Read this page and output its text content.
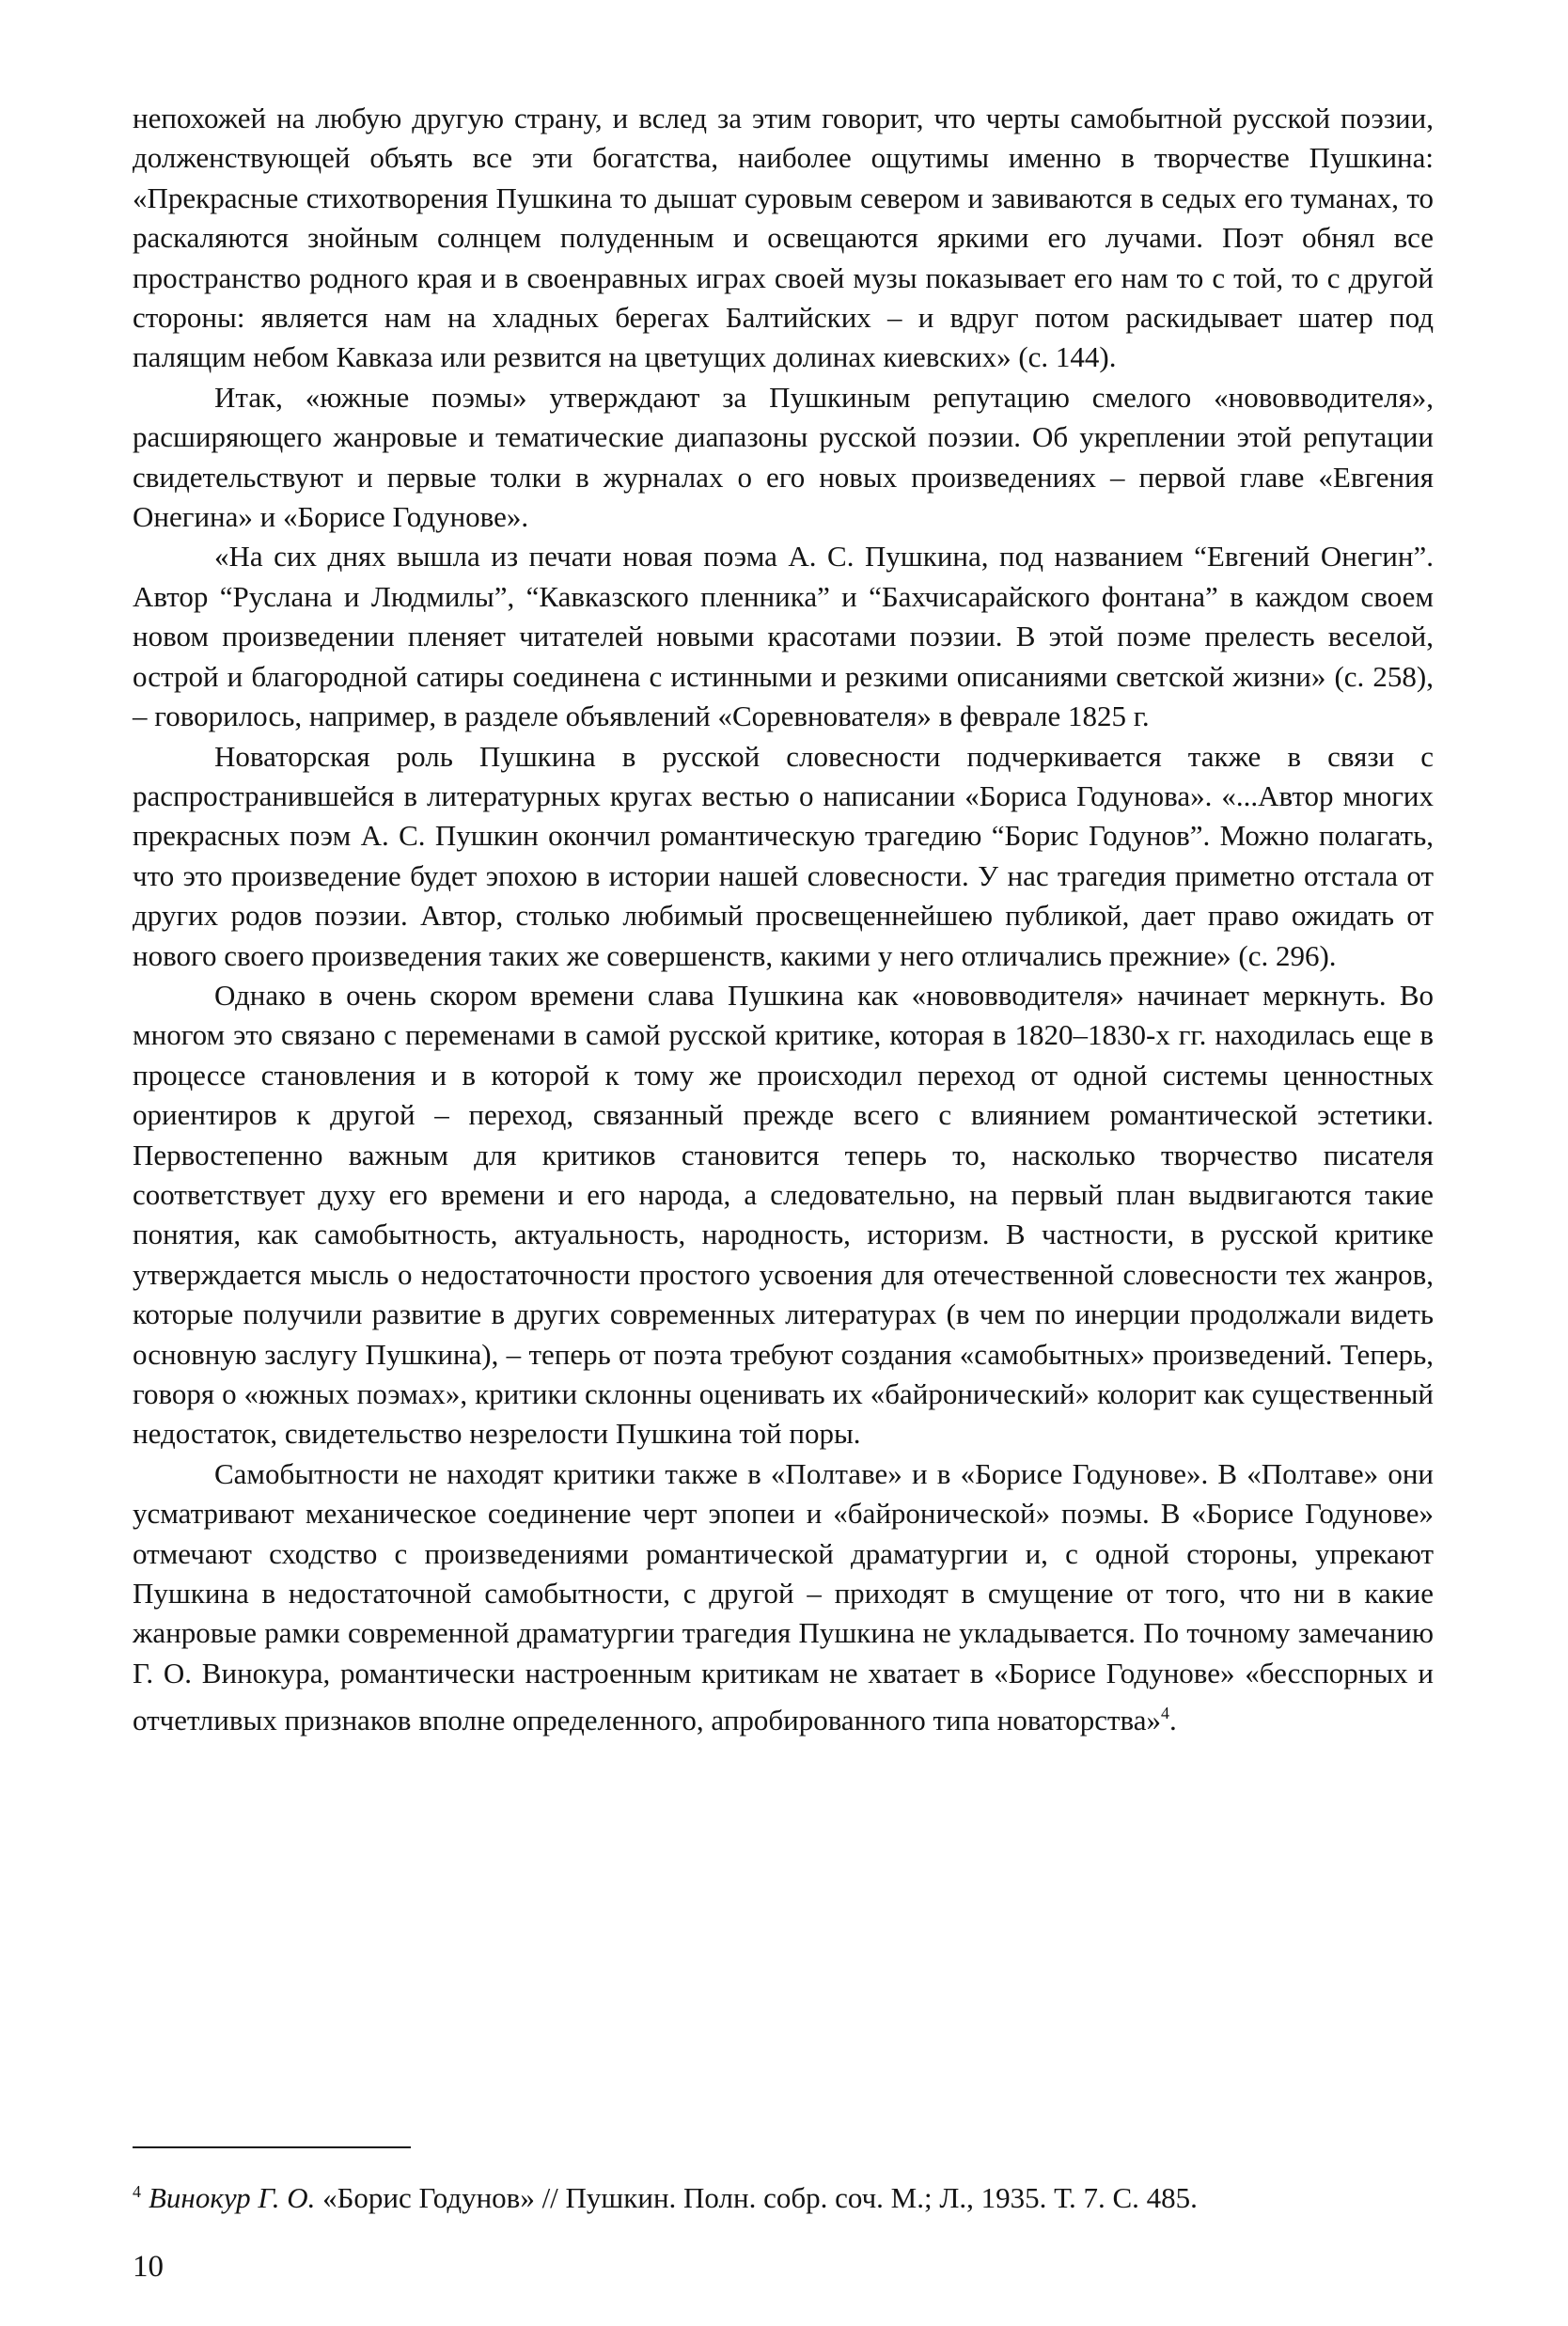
непохожей на любую другую страну, и вслед за этим говорит, что черты самобытной русской поэзии, долженствующей объять все эти богатства, наиболее ощутимы именно в творчестве Пушкина: «Прекрасные стихотворения Пушкина то дышат суровым севером и завиваются в седых его туманах, то раскаляются знойным солнцем полуденным и освещаются яркими его лучами. Поэт обнял все пространство родного края и в своенравных играх своей музы показывает его нам то с той, то с другой стороны: является нам на хладных берегах Балтийских – и вдруг потом раскидывает шатер под палящим небом Кавказа или резвится на цветущих долинах киевских» (с. 144).

Итак, «южные поэмы» утверждают за Пушкиным репутацию смелого «нововводителя», расширяющего жанровые и тематические диапазоны русской поэзии. Об укреплении этой репутации свидетельствуют и первые толки в журналах о его новых произведениях – первой главе «Евгения Онегина» и «Борисе Годунове».

«На сих днях вышла из печати новая поэма А. С. Пушкина, под названием “Евгений Онегин”. Автор “Руслана и Людмилы”, “Кавказского пленника” и “Бахчисарайского фонтана” в каждом своем новом произведении пленяет читателей новыми красотами поэзии. В этой поэме прелесть веселой, острой и благородной сатиры соединена с истинными и резкими описаниями светской жизни» (с. 258), – говорилось, например, в разделе объявлений «Соревнователя» в феврале 1825 г.

Новаторская роль Пушкина в русской словесности подчеркивается также в связи с распространившейся в литературных кругах вестью о написании «Бориса Годунова». «...Автор многих прекрасных поэм А. С. Пушкин окончил романтическую трагедию “Борис Годунов”. Можно полагать, что это произведение будет эпохою в истории нашей словесности. У нас трагедия приметно отстала от других родов поэзии. Автор, столько любимый просвещеннейшею публикой, дает право ожидать от нового своего произведения таких же совершенств, какими у него отличались прежние» (с. 296).

Однако в очень скором времени слава Пушкина как «нововводителя» начинает меркнуть. Во многом это связано с переменами в самой русской критике, которая в 1820–1830-х гг. находилась еще в процессе становления и в которой к тому же происходил переход от одной системы ценностных ориентиров к другой – переход, связанный прежде всего с влиянием романтической эстетики. Первостепенно важным для критиков становится теперь то, насколько творчество писателя соответствует духу его времени и его народа, а следовательно, на первый план выдвигаются такие понятия, как самобытность, актуальность, народность, историзм. В частности, в русской критике утверждается мысль о недостаточности простого усвоения для отечественной словесности тех жанров, которые получили развитие в других современных литературах (в чем по инерции продолжали видеть основную заслугу Пушкина), – теперь от поэта требуют создания «самобытных» произведений. Теперь, говоря о «южных поэмах», критики склонны оценивать их «байронический» колорит как существенный недостаток, свидетельство незрелости Пушкина той поры.

Самобытности не находят критики также в «Полтаве» и в «Борисе Годунове». В «Полтаве» они усматривают механическое соединение черт эпопеи и «байронической» поэмы. В «Борисе Годунове» отмечают сходство с произведениями романтической драматургии и, с одной стороны, упрекают Пушкина в недостаточной самобытности, с другой – приходят в смущение от того, что ни в какие жанровые рамки современной драматургии трагедия Пушкина не укладывается. По точному замечанию Г. О. Винокура, романтически настроенным критикам не хватает в «Борисе Годунове» «бесспорных и отчетливых признаков вполне определенного, апробированного типа новаторства»$^4$.

$^4$ Винокур Г. О. «Борис Годунов» // Пушкин. Полн. собр. соч. М.; Л., 1935. Т. 7. С. 485.
10
